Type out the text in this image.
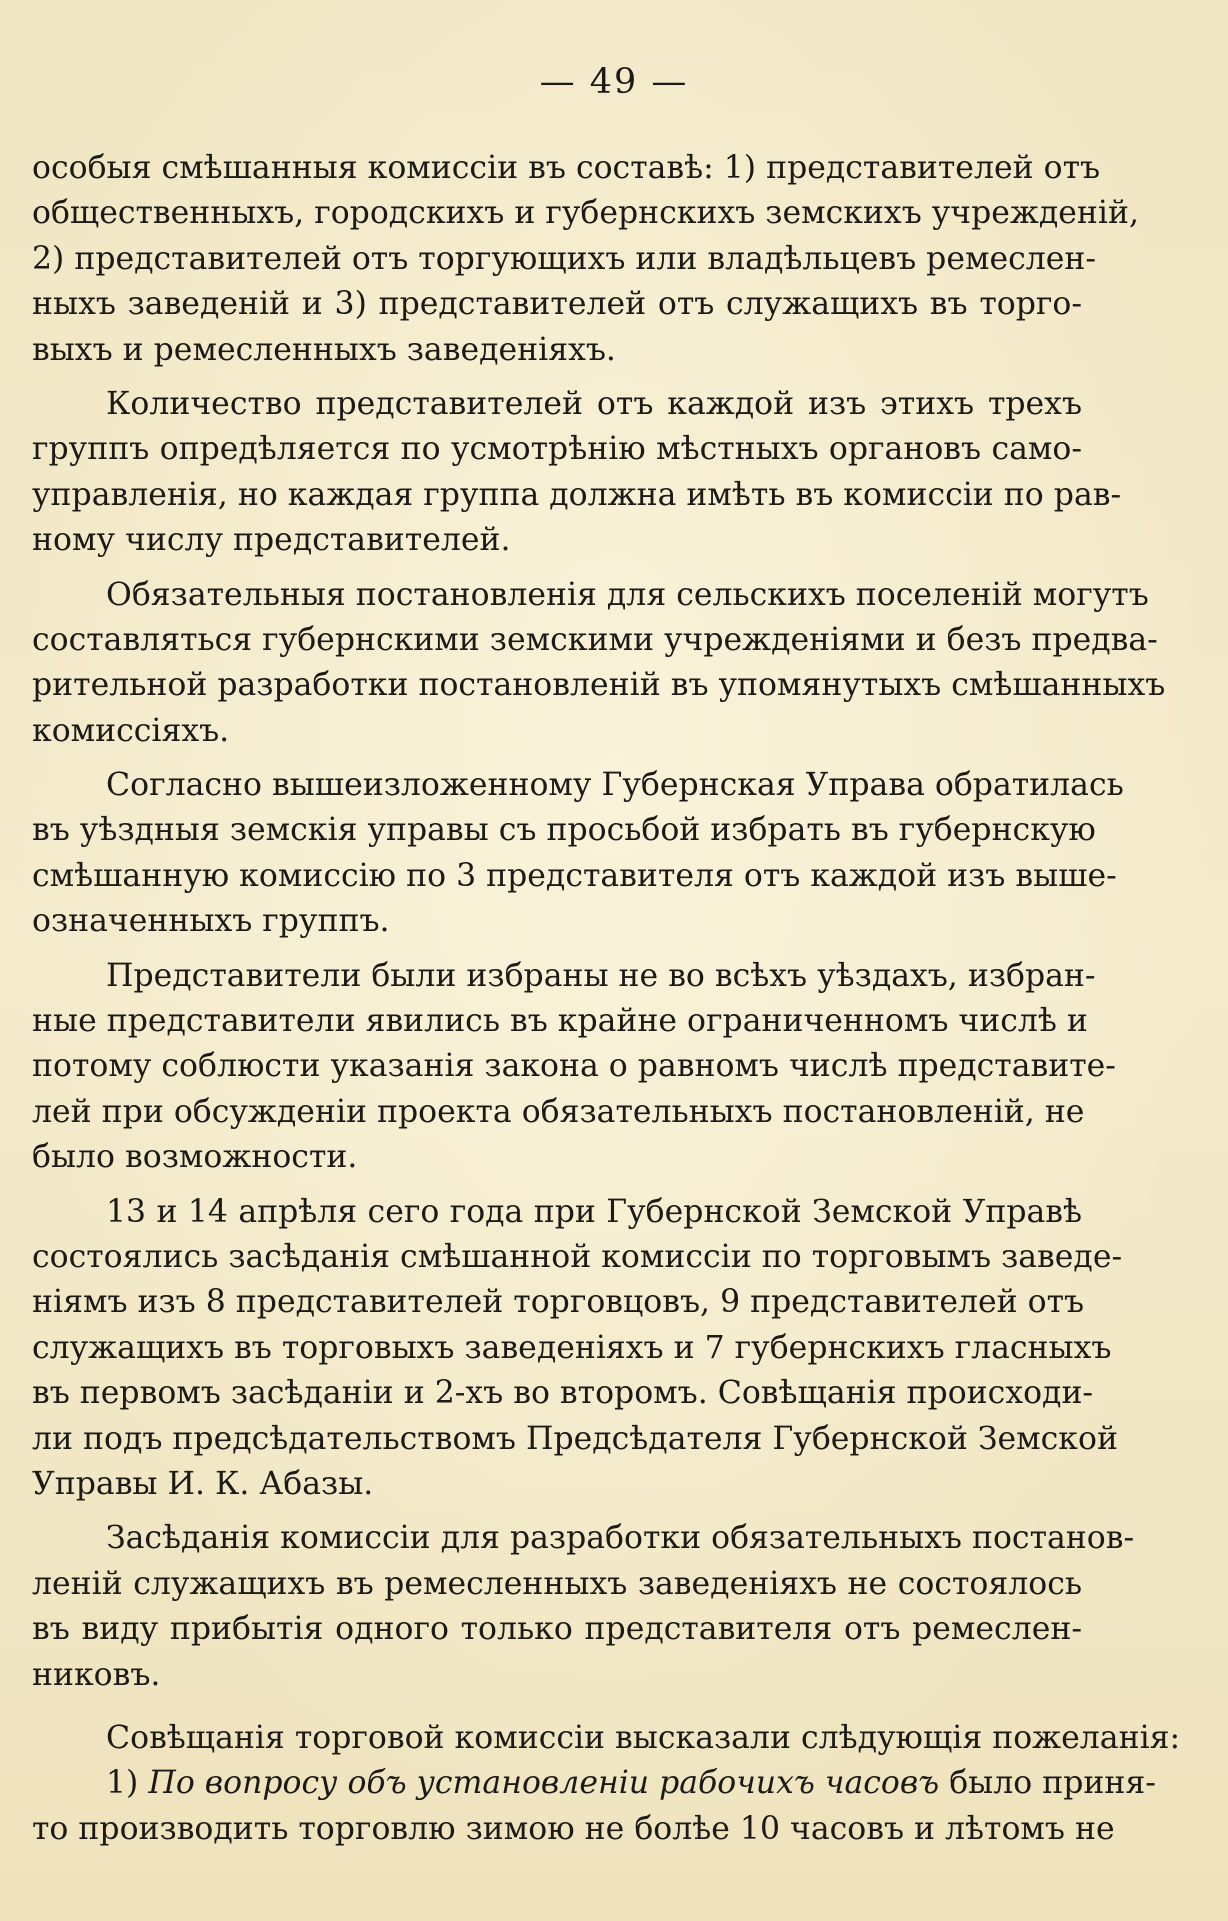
— 49 —
особыя смѣшанныя комиссіи въ составѣ: 1) представителей отъ
общественныхъ, городскихъ и губернскихъ земскихъ учрежденій,
2) представителей отъ торгующихъ или владѣльцевъ ремеслен-
ныхъ заведеній и 3) представителей отъ служащихъ въ торго-
выхъ и ремесленныхъ заведеніяхъ.
Количество представителей отъ каждой изъ этихъ трехъ
группъ опредѣляется по усмотрѣнію мѣстныхъ органовъ само-
управленія, но каждая группа должна имѣть въ комиссіи по рав-
ному числу представителей.
Обязательныя постановленія для сельскихъ поселеній могутъ
составляться губернскими земскими учрежденіями и безъ предва-
рительной разработки постановленій въ упомянутыхъ смѣшанныхъ
комиссіяхъ.
Согласно вышеизложенному Губернская Управа обратилась
въ уѣздныя земскія управы съ просьбой избрать въ губернскую
смѣшанную комиссію по 3 представителя отъ каждой изъ выше-
означенныхъ группъ.
Представители были избраны не во всѣхъ уѣздахъ, избран-
ные представители явились въ крайне ограниченномъ числѣ и
потому соблюсти указанія закона о равномъ числѣ представите-
лей при обсужденіи проекта обязательныхъ постановленій, не
было возможности.
13 и 14 апрѣля сего года при Губернской Земской Управѣ
состоялись засѣданія смѣшанной комиссіи по торговымъ заведе-
ніямъ изъ 8 представителей торговцовъ, 9 представителей отъ
служащихъ въ торговыхъ заведеніяхъ и 7 губернскихъ гласныхъ
въ первомъ засѣданіи и 2-хъ во второмъ. Совѣщанія происходи-
ли подъ предсѣдательствомъ Предсѣдателя Губернской Земской
Управы И. К. Абазы.
Засѣданія комиссіи для разработки обязательныхъ постанов-
леній служащихъ въ ремесленныхъ заведеніяхъ не состоялось
въ виду прибытія одного только представителя отъ ремеслен-
никовъ.
Совѣщанія торговой комиссіи высказали слѣдующія пожеланія:
1) По вопросу объ установленіи рабочихъ часовъ было приня-
то производить торговлю зимою не болѣе 10 часовъ и лѣтомъ не
